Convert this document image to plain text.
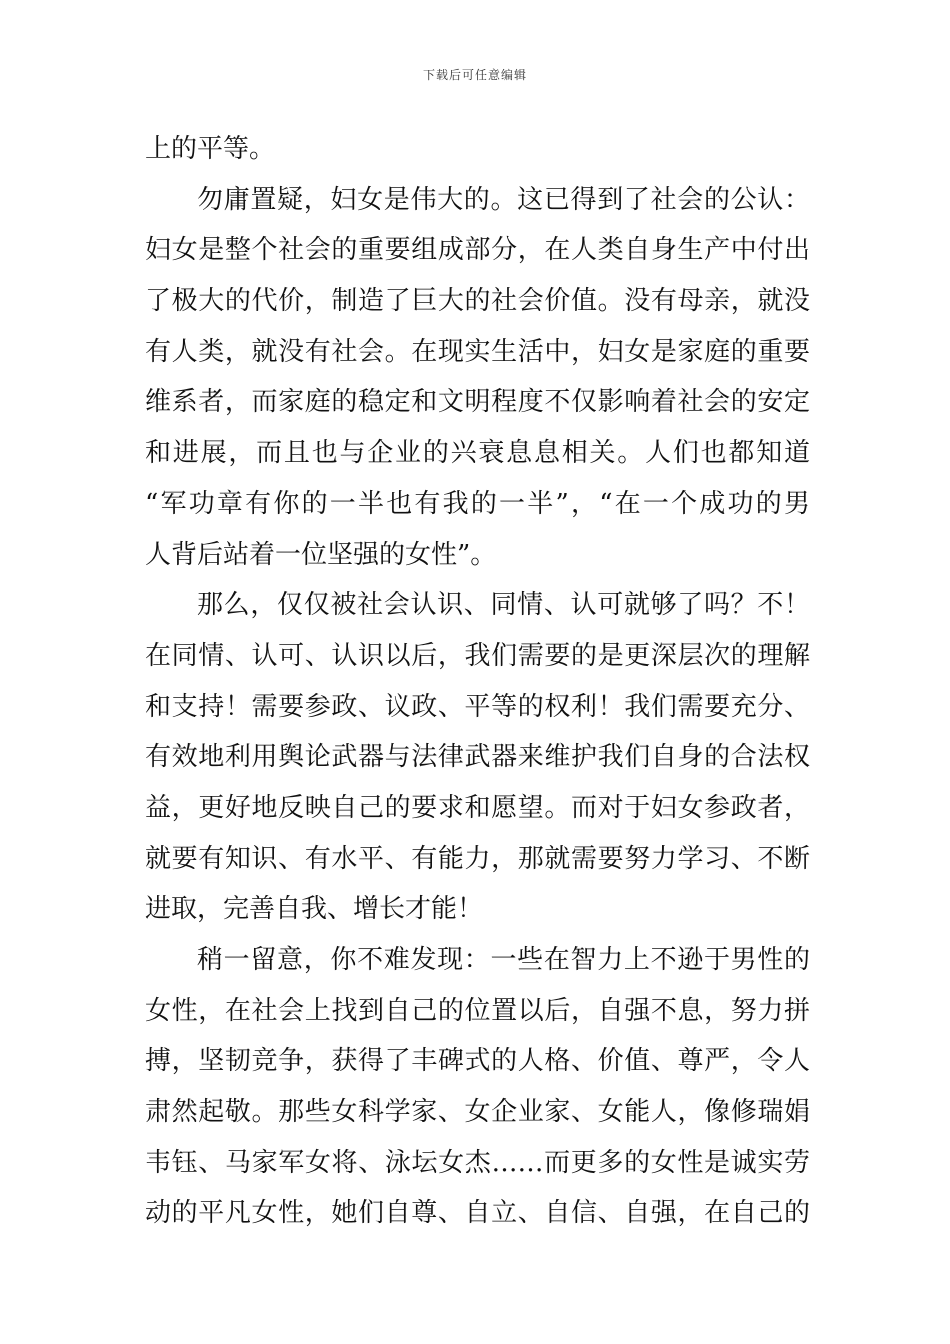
下载后可任意编辑
上的平等。
勿庸置疑，妇女是伟大的。这已得到了社会的公认：
妇女是整个社会的重要组成部分，在人类自身生产中付出
了极大的代价，制造了巨大的社会价值。没有母亲，就没
有人类，就没有社会。在现实生活中，妇女是家庭的重要
维系者，而家庭的稳定和文明程度不仅影响着社会的安定
和进展，而且也与企业的兴衰息息相关。人们也都知道
“军功章有你的一半也有我的一半”，“在一个成功的男
人背后站着一位坚强的女性”。
那么，仅仅被社会认识、同情、认可就够了吗？不！
在同情、认可、认识以后，我们需要的是更深层次的理解
和支持！需要参政、议政、平等的权利！我们需要充分、
有效地利用舆论武器与法律武器来维护我们自身的合法权
益，更好地反映自己的要求和愿望。而对于妇女参政者，
就要有知识、有水平、有能力，那就需要努力学习、不断
进取，完善自我、增长才能！
稍一留意，你不难发现：一些在智力上不逊于男性的
女性，在社会上找到自己的位置以后，自强不息，努力拼
搏，坚韧竞争，获得了丰碑式的人格、价值、尊严，令人
肃然起敬。那些女科学家、女企业家、女能人，像修瑞娟
韦钰、马家军女将、泳坛女杰……而更多的女性是诚实劳
动的平凡女性，她们自尊、自立、自信、自强，在自己的
